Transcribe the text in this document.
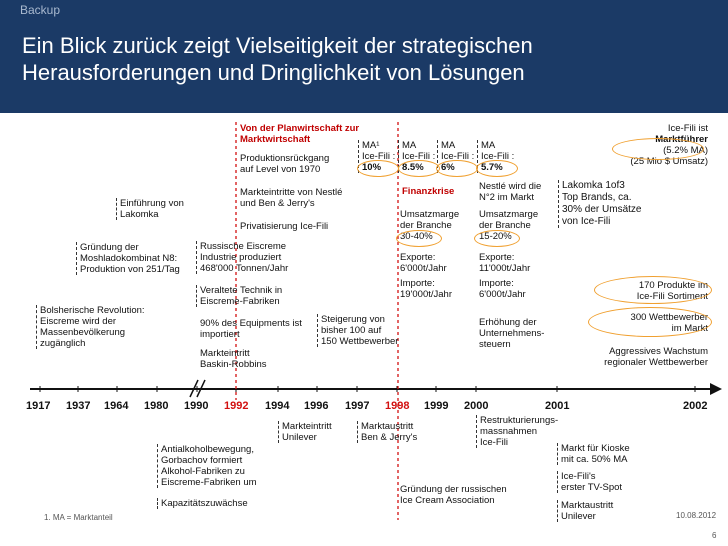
Backup
Ein Blick zurück zeigt Vielseitigkeit der strategischen
Herausforderungen und Dringlichkeit von Lösungen
1917 1937 1964 1980 1990 1992 1994 1996 1997 1998 1999 2000	2001	2002
Bolsherische Revolution:
Eiscreme wird der
Massenbevölkerung
zugänglich
Gründung der
Moshladokombinat N8:
Produktion von 251/Tag
Einführung von
Lakomka
Russische Eiscreme
Industrie produziert
468'000 Tonnen/Jahr
Veraltete Technik in
Eiscreme-Fabriken
90% des Equipments ist
importiert
Markteintritt
Baskin-Robbins
Von der Planwirtschaft zur
Marktwirtschaft
Produktionsrückgang
auf Level von 1970
Markteintritte von Nestlé
und Ben & Jerry's
Privatisierung Ice-Fili
Steigerung von
bisher 100 auf
150 Wettbewerber
MA¹
Ice-Fili :
10%
MA
Ice-Fili :
8.5%
MA
Ice-Fili :
6%
MA
Ice-Fili :
5.7%
Finanzkrise
Umsatzmarge
der Branche
30-40%
Nestlé wird die
N°2 im Markt
Umsatzmarge
der Branche
15-20%
Exporte:
6'000t/Jahr
Exporte:
11'000t/Jahr
Importe:
19'000t/Jahr
Importe:
6'000t/Jahr
Erhöhung der
Unternehmens-
steuern
Lakomka 1of3
Top Brands, ca.
30% der Umsätze
von Ice-Fili
Ice-Fili ist
Marktführer
(5.2% MA)
(25 Mio $ Umsatz)
170 Produkte im
Ice-Fili Sortiment
300 Wettbewerber
im Markt
Aggressives Wachstum
regionaler Wettbewerber
Antialkoholbewegung,
Gorbachov formiert
Alkohol-Fabriken zu
Eiscreme-Fabriken um
Kapazitätszuwächse
Markteintritt
Unilever
Marktaustritt
Ben & Jerry's
Gründung der russischen
Ice Cream Association
Restrukturierungs-
massnahmen
Ice-Fili
Markt für Kioske
mit ca. 50% MA
Ice-Fili's
erster TV-Spot
Marktaustritt
Unilever
1. MA = Marktanteil	10.08.2012
6
